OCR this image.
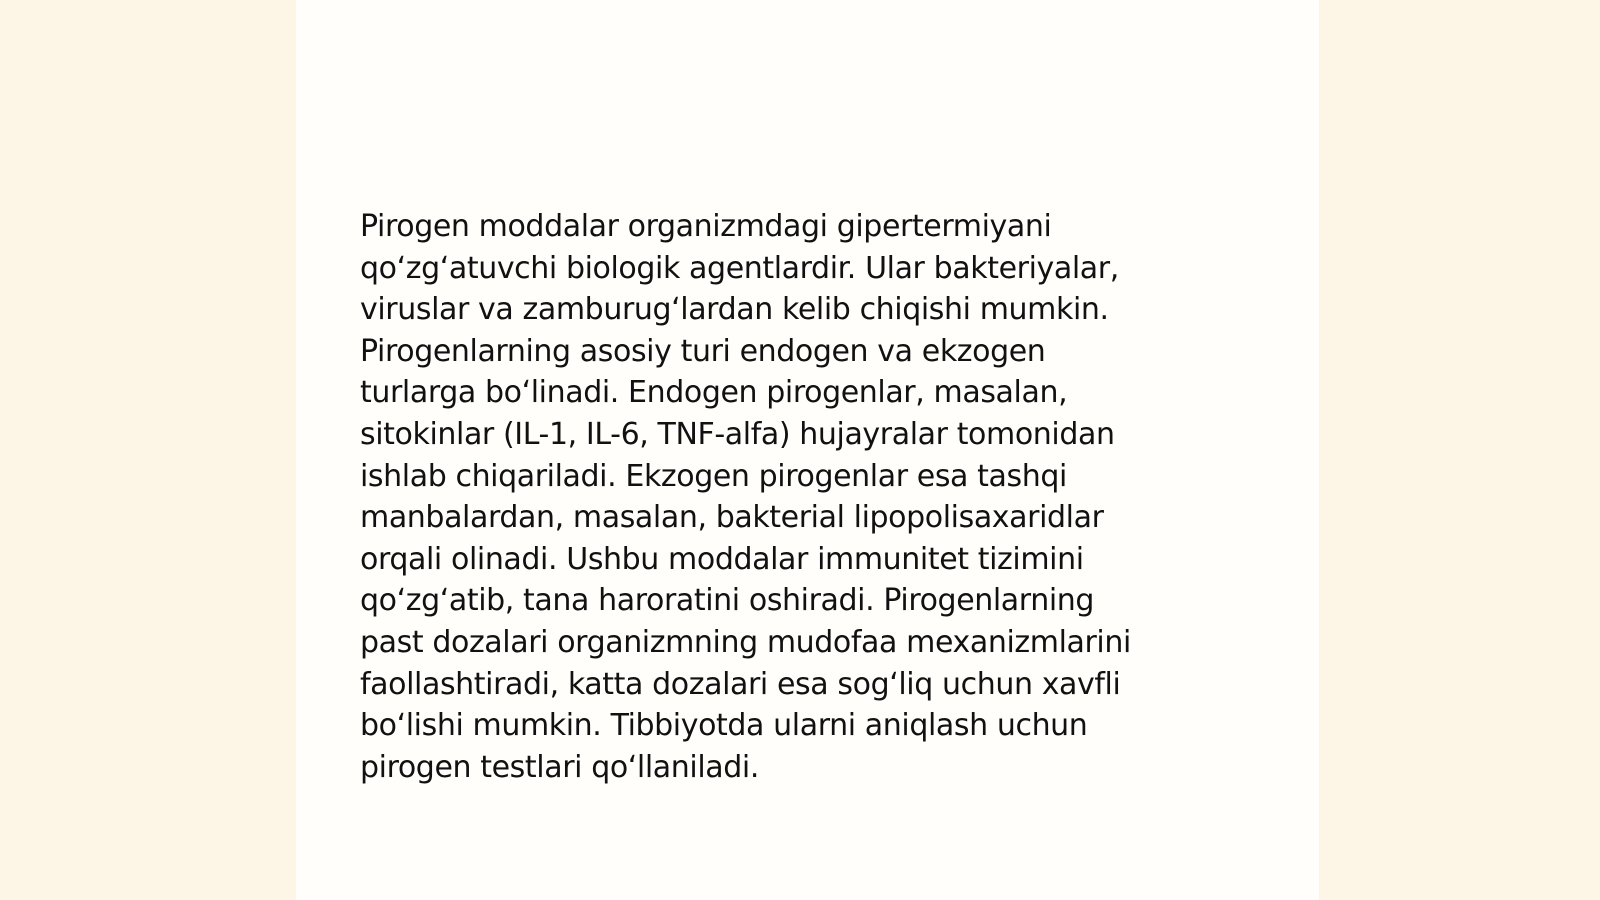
Pirogen moddalar organizmdagi gipertermiyani
qo‘zg‘atuvchi biologik agentlardir. Ular bakteriyalar,
viruslar va zamburug‘lardan kelib chiqishi mumkin.
Pirogenlarning asosiy turi endogen va ekzogen
turlarga bo‘linadi. Endogen pirogenlar, masalan,
sitokinlar (IL-1, IL-6, TNF-alfa) hujayralar tomonidan
ishlab chiqariladi. Ekzogen pirogenlar esa tashqi
manbalardan, masalan, bakterial lipopolisaxaridlar
orqali olinadi. Ushbu moddalar immunitet tizimini
qo‘zg‘atib, tana haroratini oshiradi. Pirogenlarning
past dozalari organizmning mudofaa mexanizmlarini
faollashtiradi, katta dozalari esa sog‘liq uchun xavfli
bo‘lishi mumkin. Tibbiyotda ularni aniqlash uchun
pirogen testlari qo‘llaniladi.
